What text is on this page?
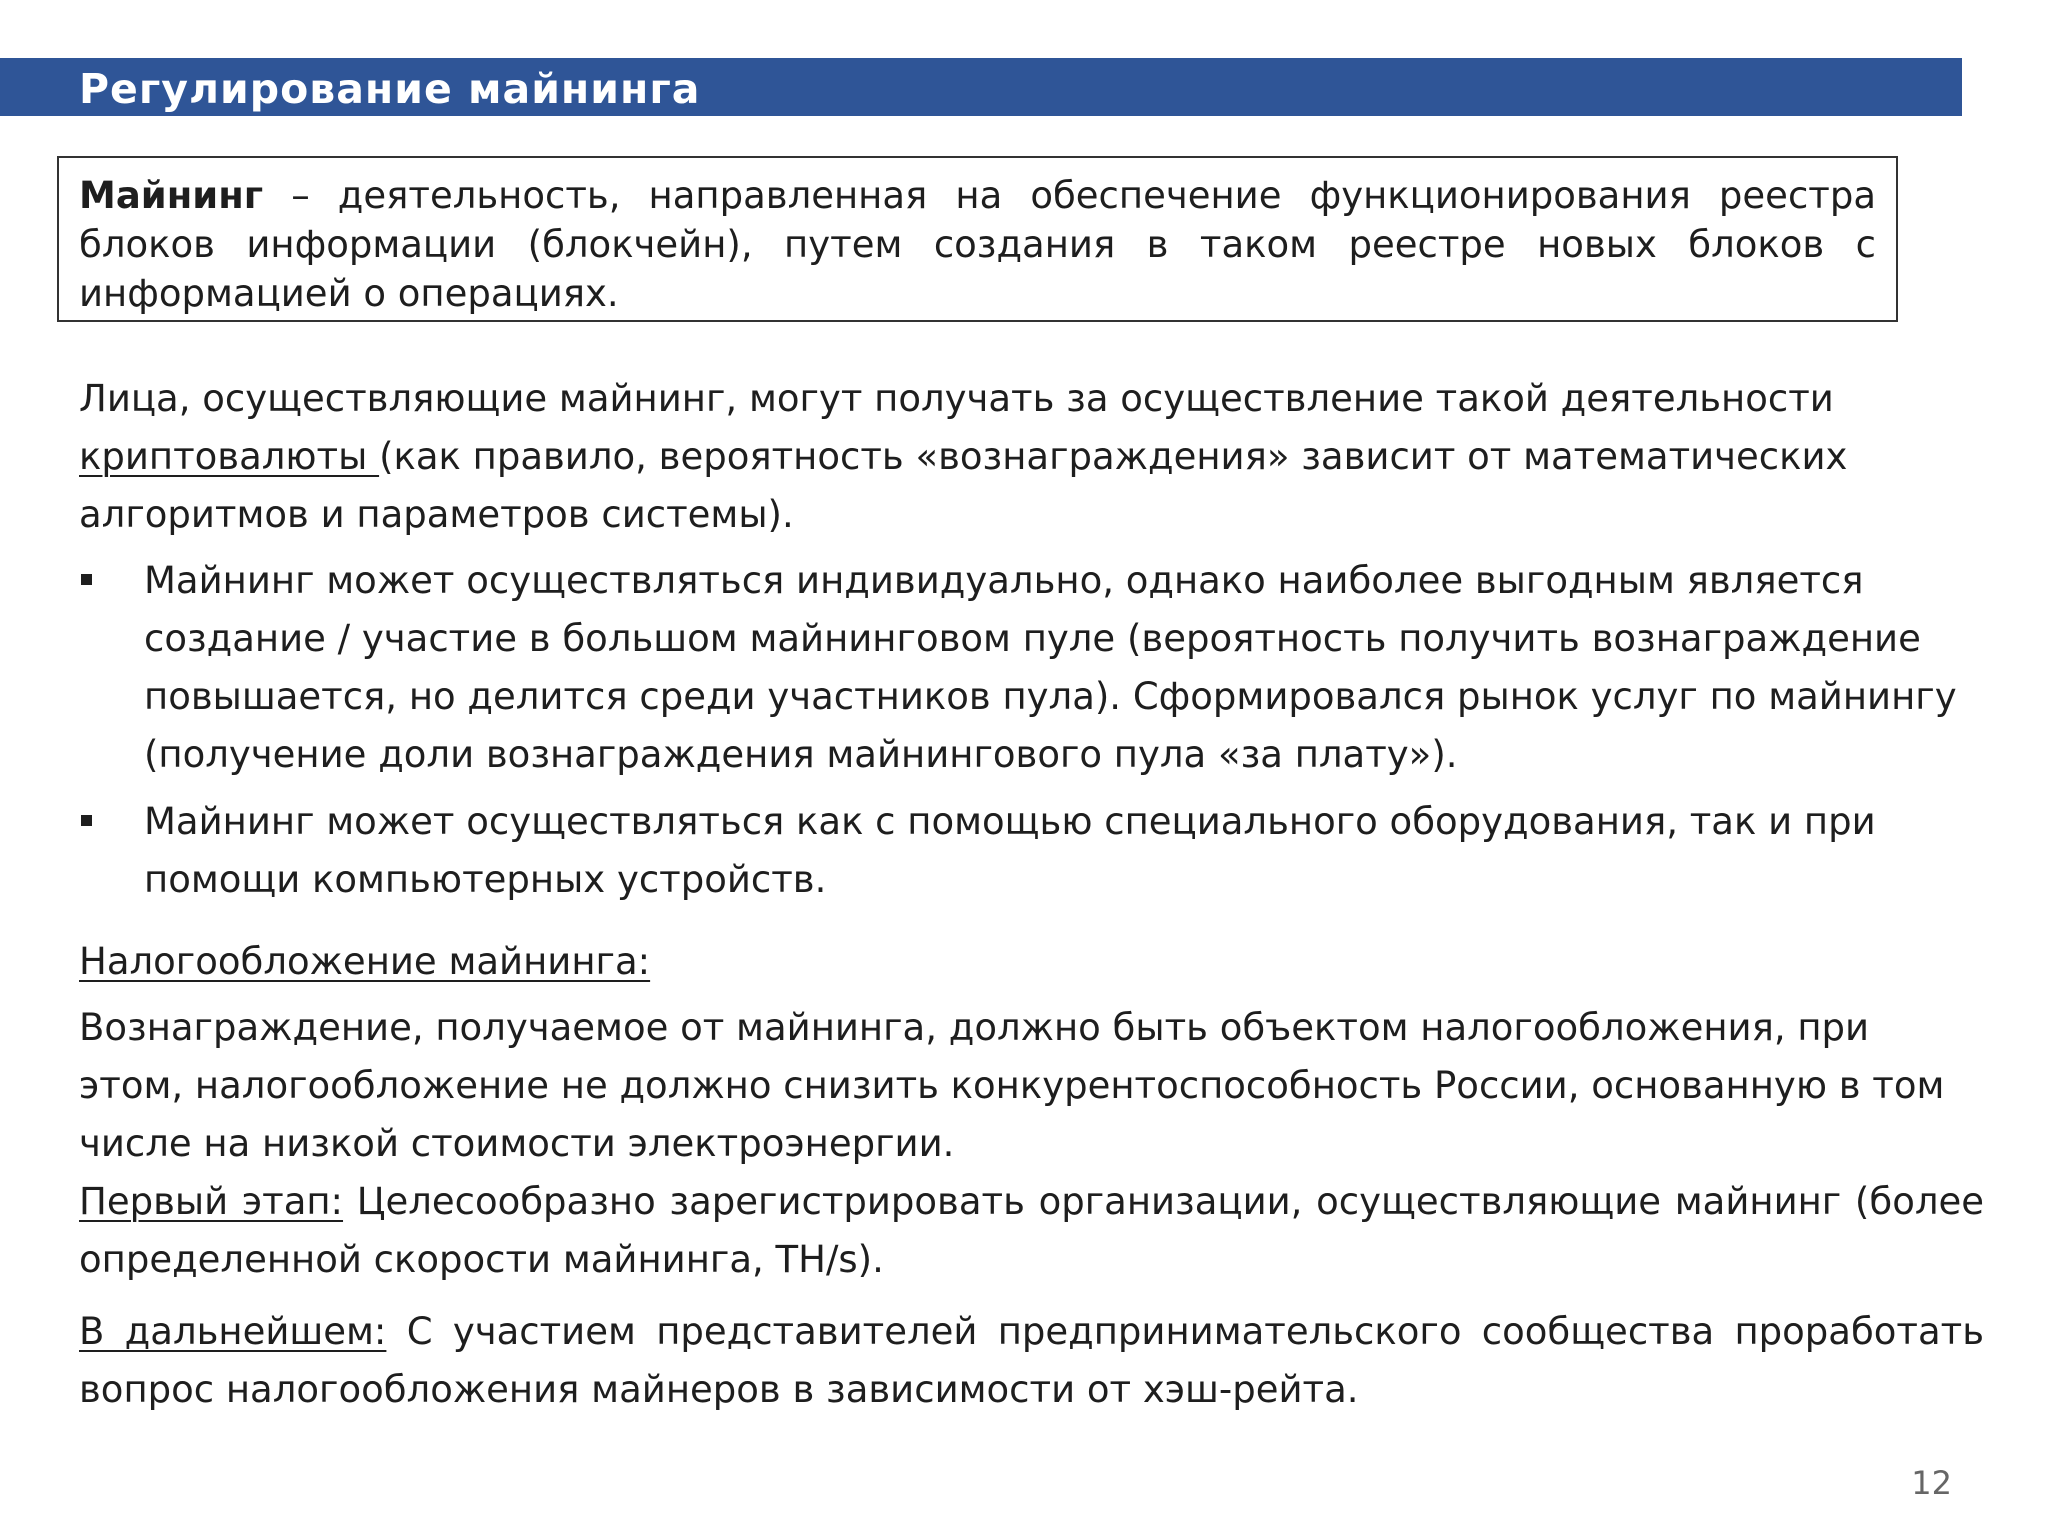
Регулирование майнинга

Майнинг – деятельность, направленная на обеспечение функционирования реестра блоков информации (блокчейн), путем создания в таком реестре новых блоков с информацией о операциях.

Лица, осуществляющие майнинг, могут получать за осуществление такой деятельности криптовалюты (как правило, вероятность «вознаграждения» зависит от математических алгоритмов и параметров системы).

Майнинг может осуществляться индивидуально, однако наиболее выгодным является создание / участие в большом майнинговом пуле (вероятность получить вознаграждение повышается, но делится среди участников пула). Сформировался рынок услуг по майнингу (получение доли вознаграждения майнингового пула «за плату»).
Майнинг может осуществляться как с помощью специального оборудования, так и при помощи компьютерных устройств.

Налогообложение майнинга:

Вознаграждение, получаемое от майнинга, должно быть объектом налогообложения, при этом, налогообложение не должно снизить конкурентоспособность России, основанную в том числе на низкой стоимости электроэнергии.

Первый этап: Целесообразно зарегистрировать организации, осуществляющие майнинг (более определенной скорости майнинга, TH/s).

В дальнейшем: С участием представителей предпринимательского сообщества проработать вопрос налогообложения майнеров в зависимости от хэш-рейта.

12
